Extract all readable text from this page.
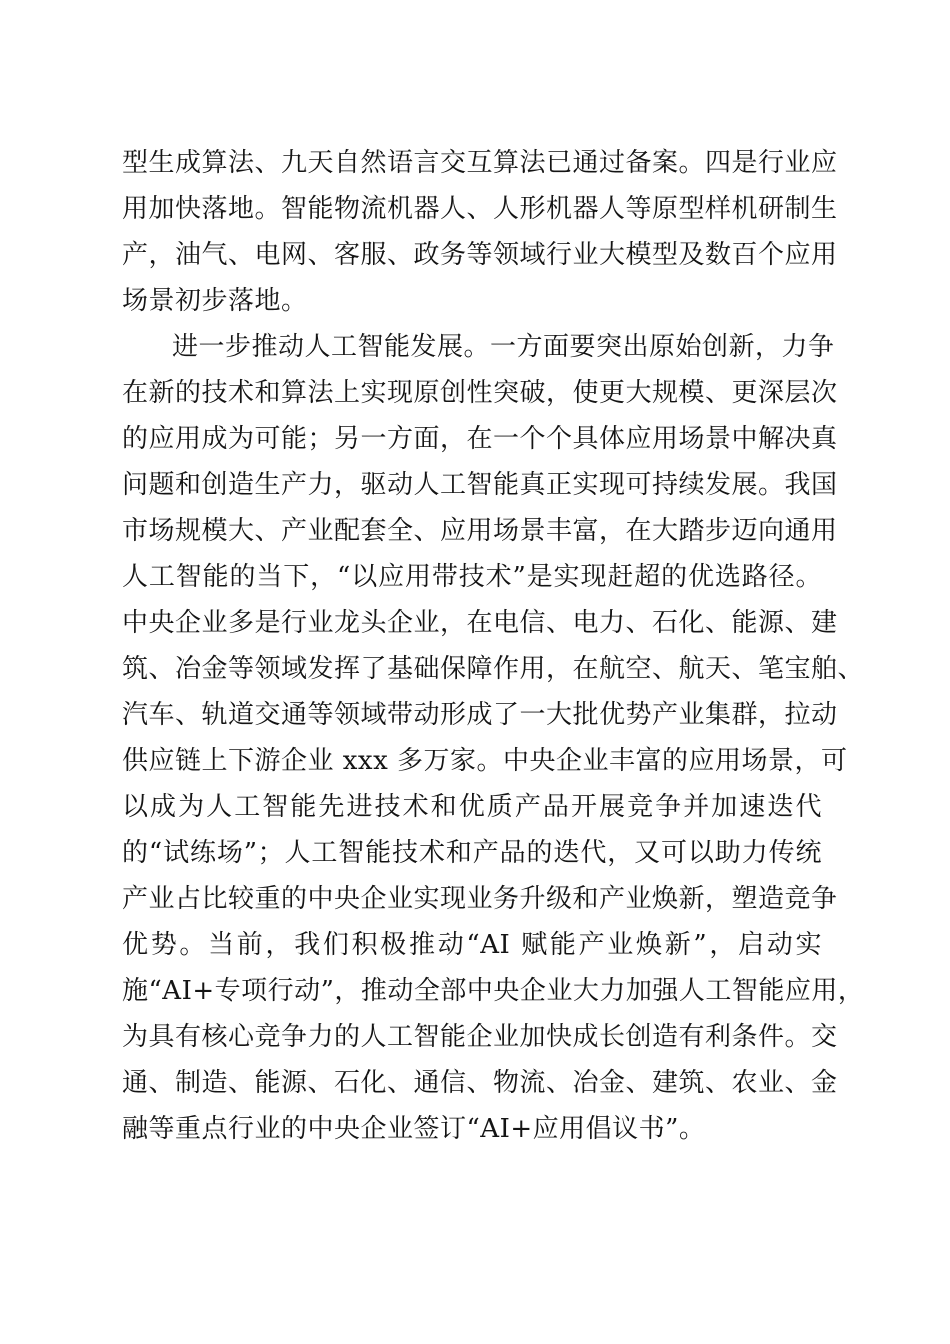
型生成算法、九天自然语言交互算法已通过备案。四是行业应
用加快落地。智能物流机器人、人形机器人等原型样机研制生
产，油气、电网、客服、政务等领域行业大模型及数百个应用
场景初步落地。
进一步推动人工智能发展。一方面要突出原始创新，力争
在新的技术和算法上实现原创性突破，使更大规模、更深层次
的应用成为可能；另一方面，在一个个具体应用场景中解决真
问题和创造生产力，驱动人工智能真正实现可持续发展。我国
市场规模大、产业配套全、应用场景丰富，在大踏步迈向通用
人工智能的当下，“以应用带技术”是实现赶超的优选路径。
中央企业多是行业龙头企业，在电信、电力、石化、能源、建
筑、冶金等领域发挥了基础保障作用，在航空、航天、笔宝舶、
汽车、轨道交通等领域带动形成了一大批优势产业集群，拉动
供应链上下游企业 xxx 多万家。中央企业丰富的应用场景，可
以成为人工智能先进技术和优质产品开展竞争并加速迭代
的“试练场”；人工智能技术和产品的迭代，又可以助力传统
产业占比较重的中央企业实现业务升级和产业焕新，塑造竞争
优势。当前，我们积极推动“AI 赋能产业焕新”，启动实
施“AI+专项行动”，推动全部中央企业大力加强人工智能应用，
为具有核心竞争力的人工智能企业加快成长创造有利条件。交
通、制造、能源、石化、通信、物流、冶金、建筑、农业、金
融等重点行业的中央企业签订“AI+应用倡议书”。
